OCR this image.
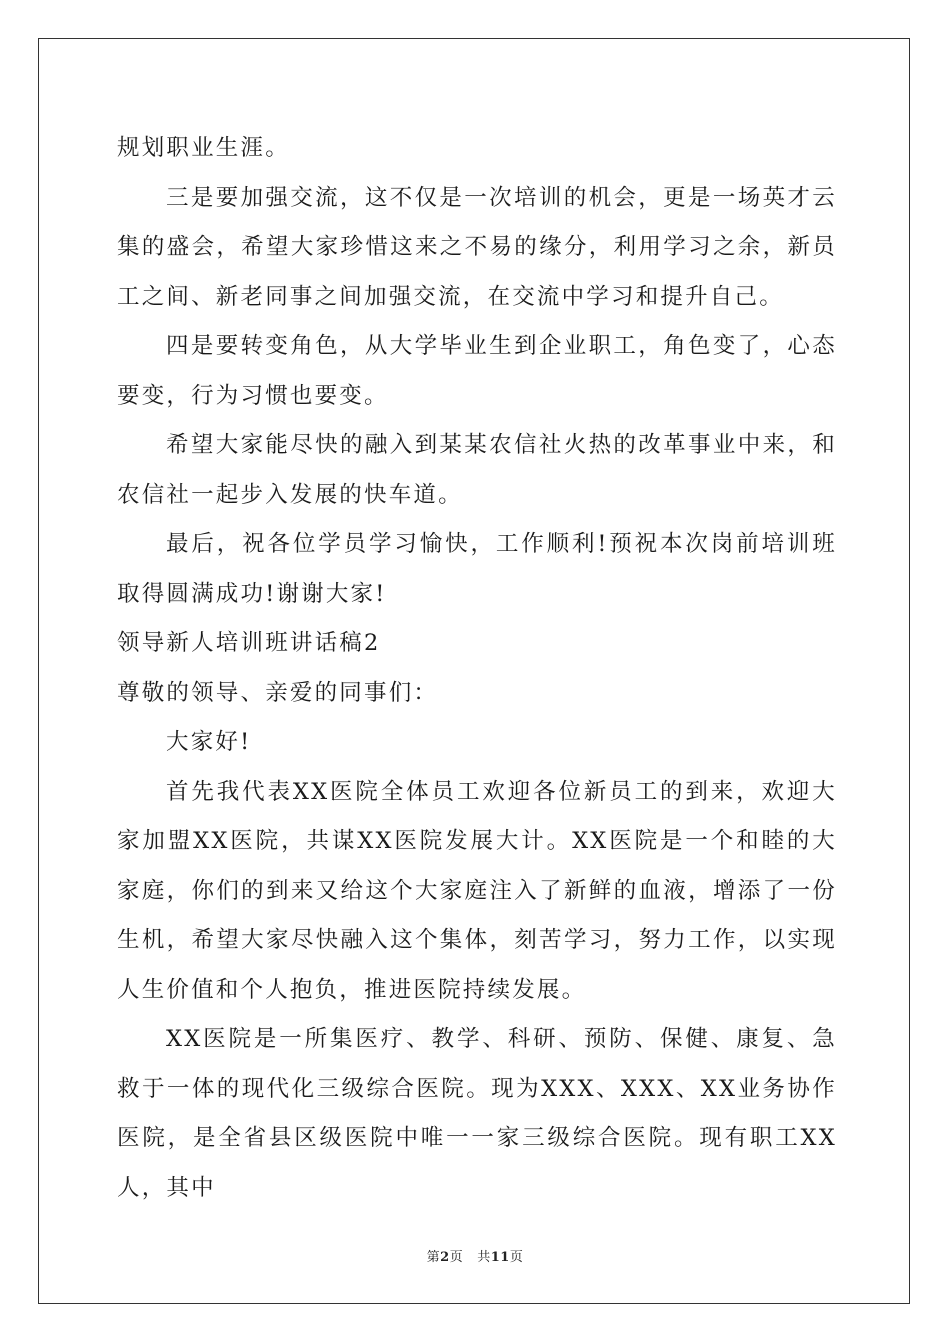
规划职业生涯。

三是要加强交流，这不仅是一次培训的机会，更是一场英才云集的盛会，希望大家珍惜这来之不易的缘分，利用学习之余，新员工之间、新老同事之间加强交流，在交流中学习和提升自己。

四是要转变角色，从大学毕业生到企业职工，角色变了，心态要变，行为习惯也要变。

希望大家能尽快的融入到某某农信社火热的改革事业中来，和农信社一起步入发展的快车道。

最后，祝各位学员学习愉快，工作顺利!预祝本次岗前培训班取得圆满成功!谢谢大家!

领导新人培训班讲话稿2

尊敬的领导、亲爱的同事们：

大家好!

首先我代表XX医院全体员工欢迎各位新员工的到来，欢迎大家加盟XX医院，共谋XX医院发展大计。XX医院是一个和睦的大家庭，你们的到来又给这个大家庭注入了新鲜的血液，增添了一份生机，希望大家尽快融入这个集体，刻苦学习，努力工作，以实现人生价值和个人抱负，推进医院持续发展。

XX医院是一所集医疗、教学、科研、预防、保健、康复、急救于一体的现代化三级综合医院。现为XXX、XXX、XX业务协作医院，是全省县区级医院中唯一一家三级综合医院。现有职工XX人，其中

第2页 共11页
